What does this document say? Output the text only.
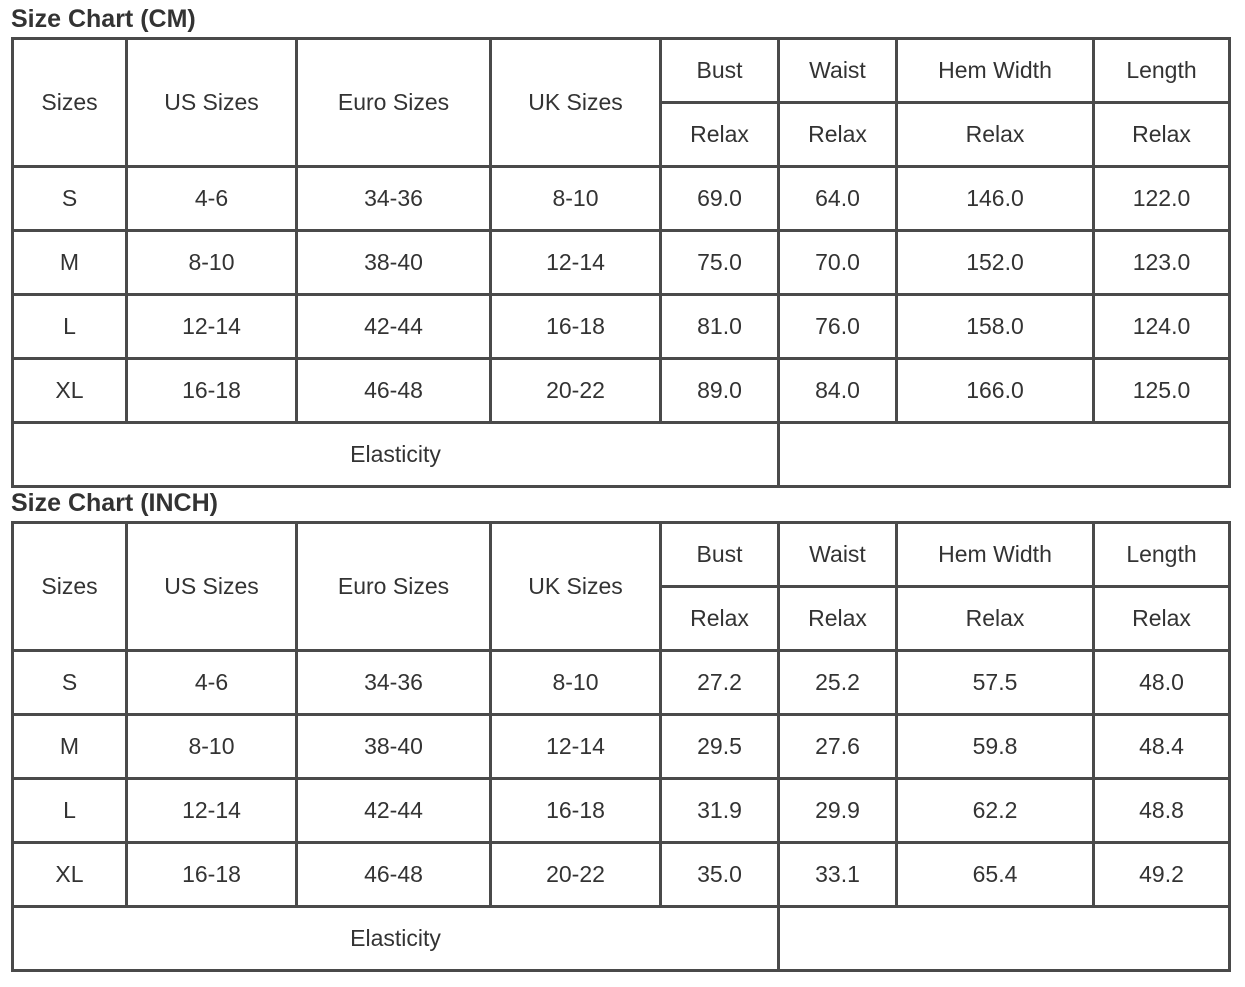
Size Chart (CM)
Sizes	US Sizes	Euro Sizes	UK Sizes	Bust	Waist	Hem Width	Length
				Relax	Relax	Relax	Relax
S	4-6	34-36	8-10	69.0	64.0	146.0	122.0
M	8-10	38-40	12-14	75.0	70.0	152.0	123.0
L	12-14	42-44	16-18	81.0	76.0	158.0	124.0
XL	16-18	46-48	20-22	89.0	84.0	166.0	125.0
Elasticity							
Size Chart (INCH)
Sizes	US Sizes	Euro Sizes	UK Sizes	Bust	Waist	Hem Width	Length
				Relax	Relax	Relax	Relax
S	4-6	34-36	8-10	27.2	25.2	57.5	48.0
M	8-10	38-40	12-14	29.5	27.6	59.8	48.4
L	12-14	42-44	16-18	31.9	29.9	62.2	48.8
XL	16-18	46-48	20-22	35.0	33.1	65.4	49.2
Elasticity							
